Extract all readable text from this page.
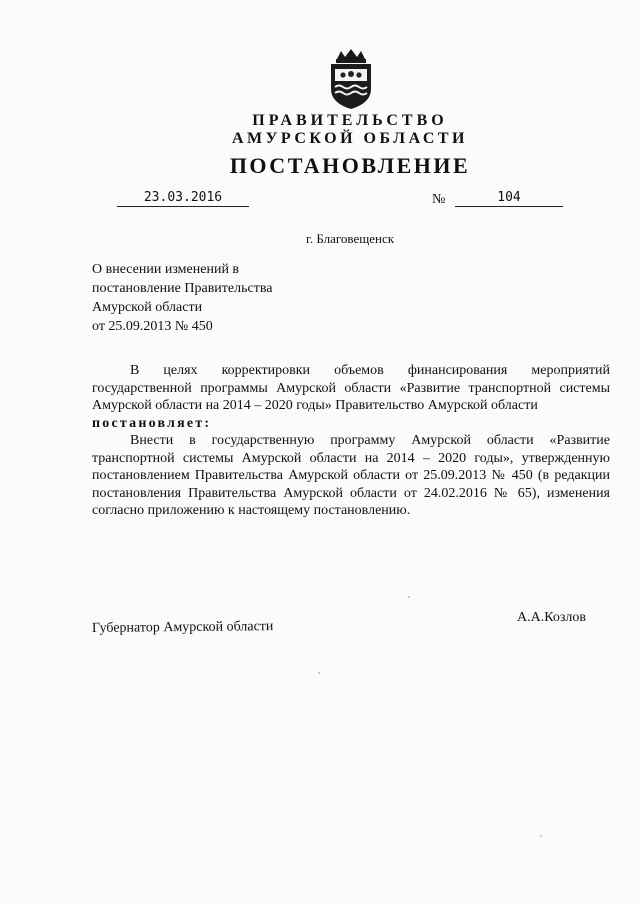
ПРАВИТЕЛЬСТВО
АМУРСКОЙ ОБЛАСТИ
ПОСТАНОВЛЕНИЕ
23.03.2016	№	104
г. Благовещенск
О внесении изменений в
постановление Правительства
Амурской области
от 25.09.2013 № 450

В целях корректировки объемов финансирования мероприятий государственной программы Амурской области «Развитие транспортной системы Амурской области на 2014 – 2020 годы» Правительство Амурской области

постановляет:

Внести в государственную программу Амурской области «Развитие транспортной системы Амурской области на 2014 – 2020 годы», утвержденную постановлением Правительства Амурской области от 25.09.2013 № 450 (в редакции постановления Правительства Амурской области от 24.02.2016 № 65), изменения согласно приложению к настоящему постановлению.

Губернатор Амурской области
А.А.Козлов
